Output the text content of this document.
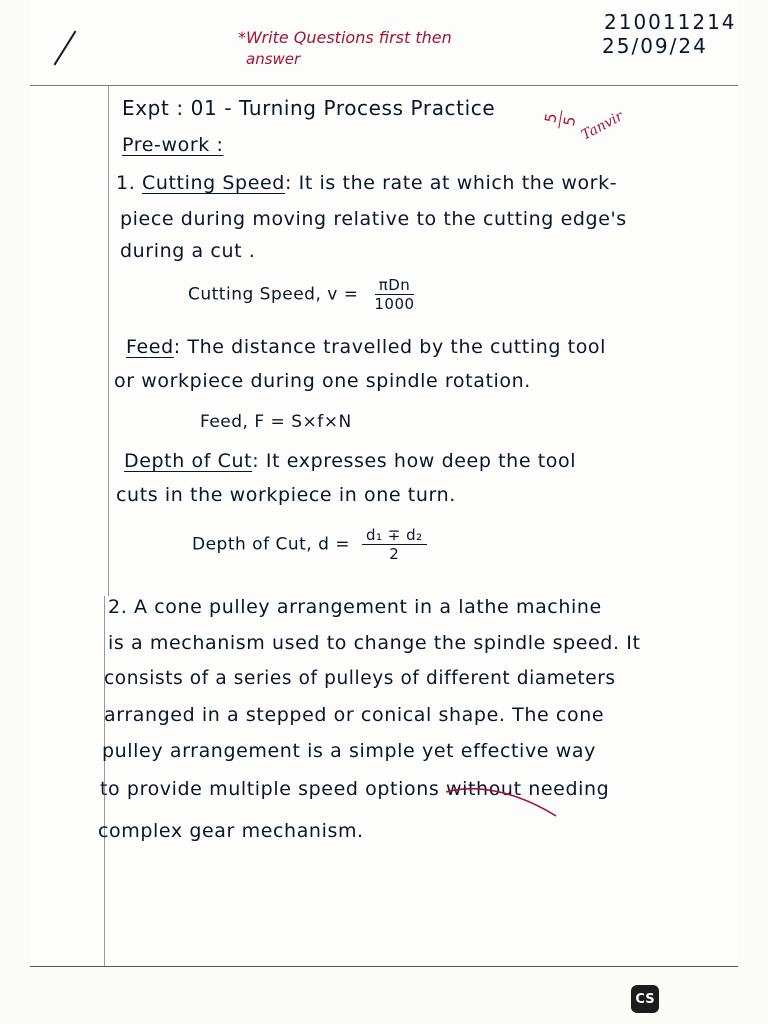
*Write Questions first then
answer
210011214
25/09/24
5 5 Tanvir
Expt : 01 - Turning Process Practice
Pre-work :
1. Cutting Speed: It is the rate at which the work-
piece during moving relative to the cutting edge's
during a cut .
Cutting Speed, $v = \frac{\text{πDn}}{1000}$
Feed: The distance travelled by the cutting tool
or workpiece during one spindle rotation.
Feed, F = S×f×N
Depth of Cut: It expresses how deep the tool
cuts in the workpiece in one turn.
Depth of Cut, $d = \frac{\text{d₁ ∓ d₂}}{2}$
2. A cone pulley arrangement in a lathe machine
is a mechanism used to change the spindle speed. It
consists of a series of pulleys of different diameters
arranged in a stepped or conical shape. The cone
pulley arrangement is a simple yet effective way
to provide multiple speed options without needing
complex gear mechanism.
CS
